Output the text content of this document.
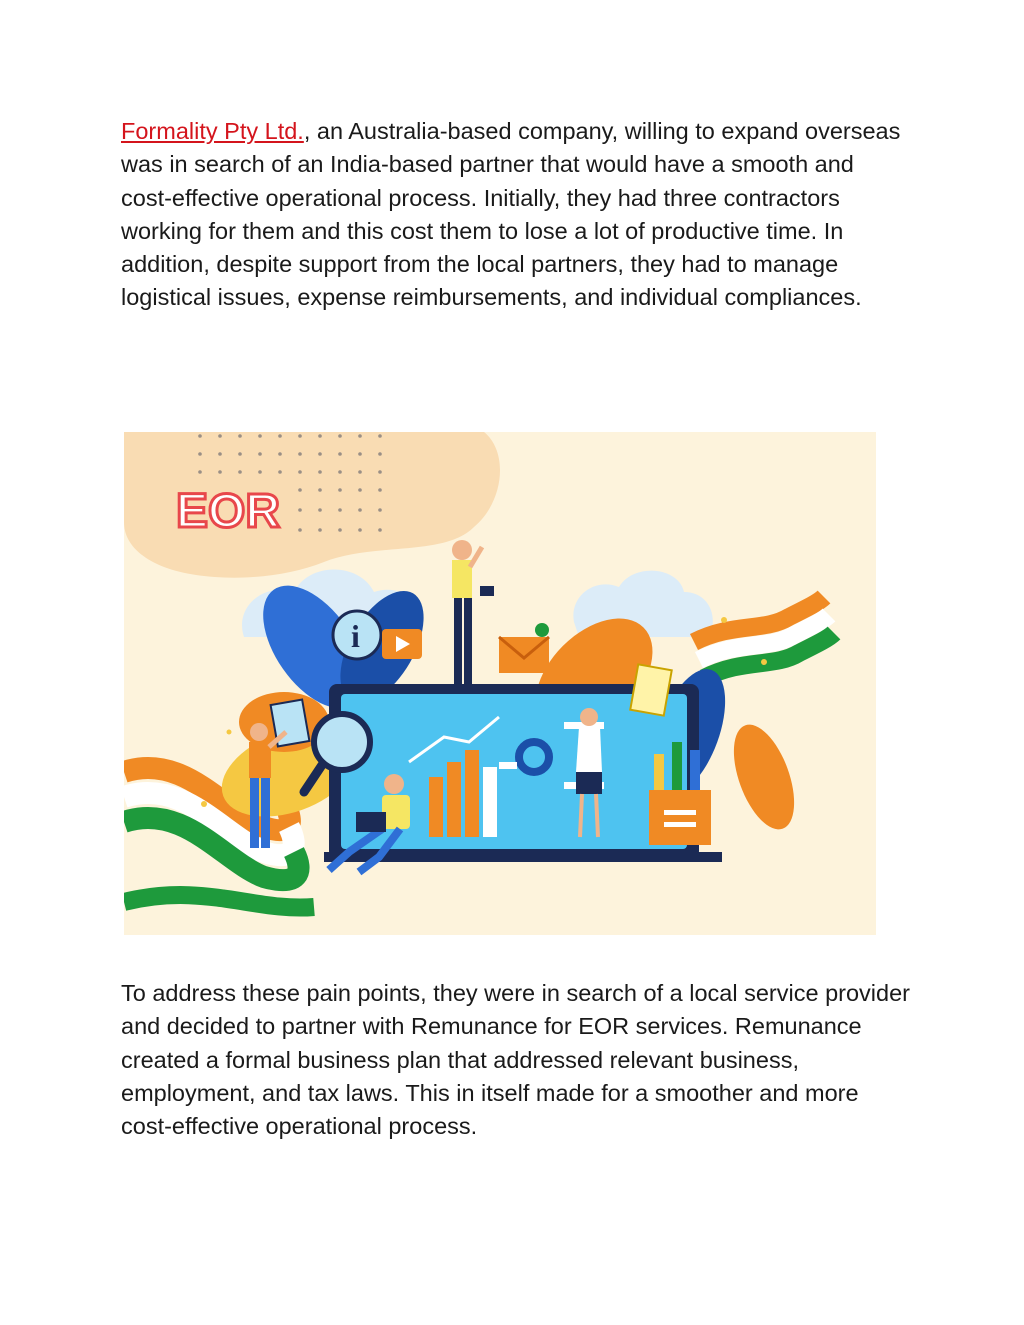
Formality Pty Ltd., an Australia-based company, willing to expand overseas was in search of an India-based partner that would have a smooth and cost-effective operational process. Initially, they had three contractors working for them and this cost them to lose a lot of productive time. In addition, despite support from the local partners, they had to manage logistical issues, expense reimbursements, and individual compliances.

EOR
i

To address these pain points, they were in search of a local service provider and decided to partner with Remunance for EOR services. Remunance created a formal business plan that addressed relevant business, employment, and tax laws. This in itself made for a smoother and more cost-effective operational process.
